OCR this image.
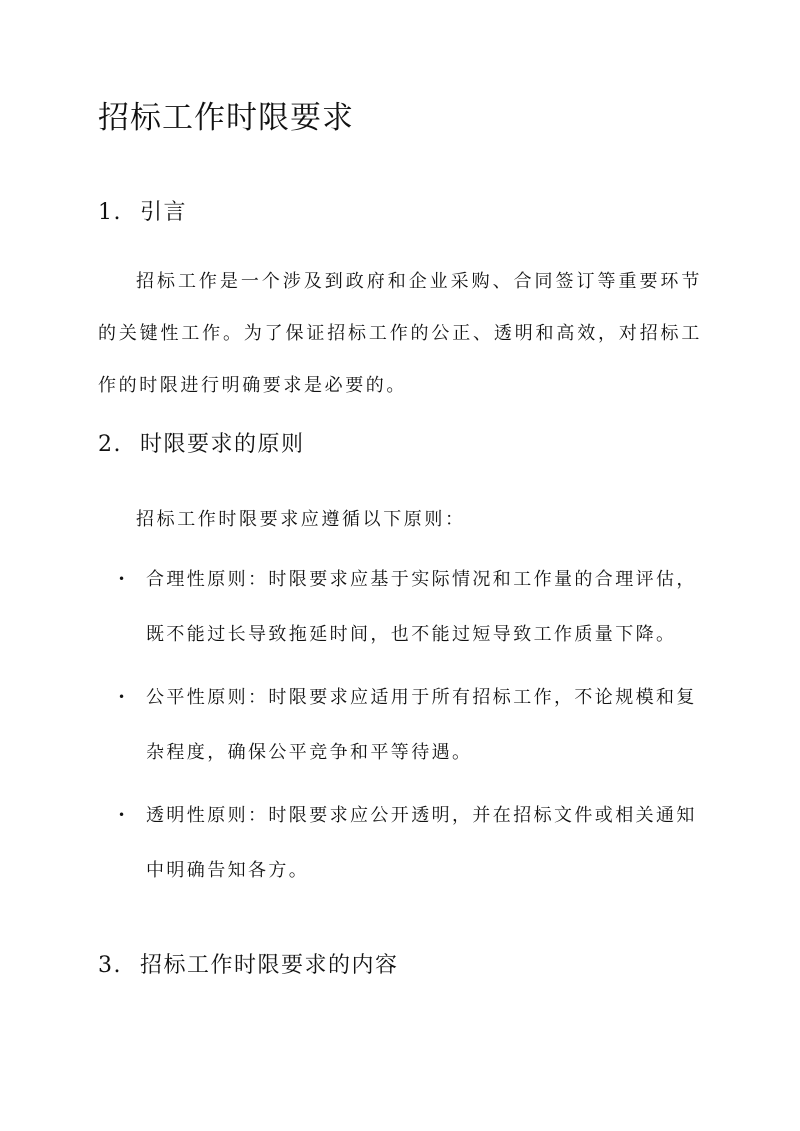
招标工作时限要求
1. 引言

招标工作是一个涉及到政府和企业采购、合同签订等重要环节的关键性工作。为了保证招标工作的公正、透明和高效，对招标工作的时限进行明确要求是必要的。

2. 时限要求的原则

招标工作时限要求应遵循以下原则：

• 合理性原则：时限要求应基于实际情况和工作量的合理评估，既不能过长导致拖延时间，也不能过短导致工作质量下降。
• 公平性原则：时限要求应适用于所有招标工作，不论规模和复杂程度，确保公平竞争和平等待遇。
• 透明性原则：时限要求应公开透明，并在招标文件或相关通知中明确告知各方。
3. 招标工作时限要求的内容
